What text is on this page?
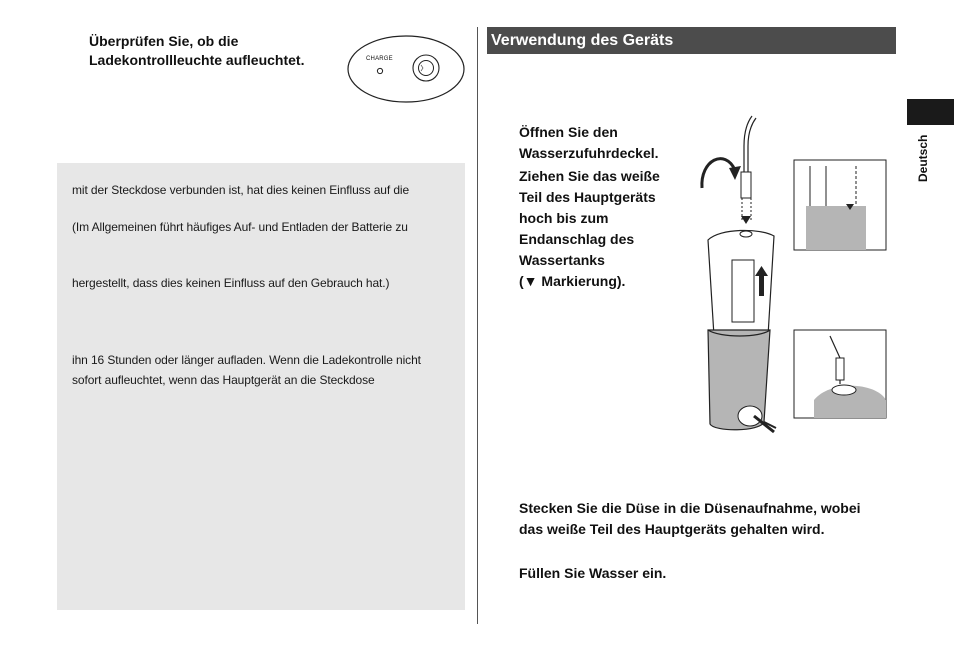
Überprüfen Sie, ob die
Ladekontrollleuchte aufleuchtet.	CHARGE
mit der Steckdose verbunden ist, hat dies keinen Einfluss auf die
(Im Allgemeinen führt häufiges Auf- und Entladen der Batterie zu
hergestellt, dass dies keinen Einfluss auf den Gebrauch hat.)
ihn 16 Stunden oder länger aufladen. Wenn die Ladekontrolle nicht
sofort aufleuchtet, wenn das Hauptgerät an die Steckdose
Verwendung des Geräts
Öffnen Sie den
Wasserzufuhrdeckel.
Ziehen Sie das weiße
Teil des Hauptgeräts
hoch bis zum
Endanschlag des
Wassertanks
(▼ Markierung).
Stecken Sie die Düse in die Düsenaufnahme, wobei
das weiße Teil des Hauptgeräts gehalten wird.
Füllen Sie Wasser ein.
Deutsch
